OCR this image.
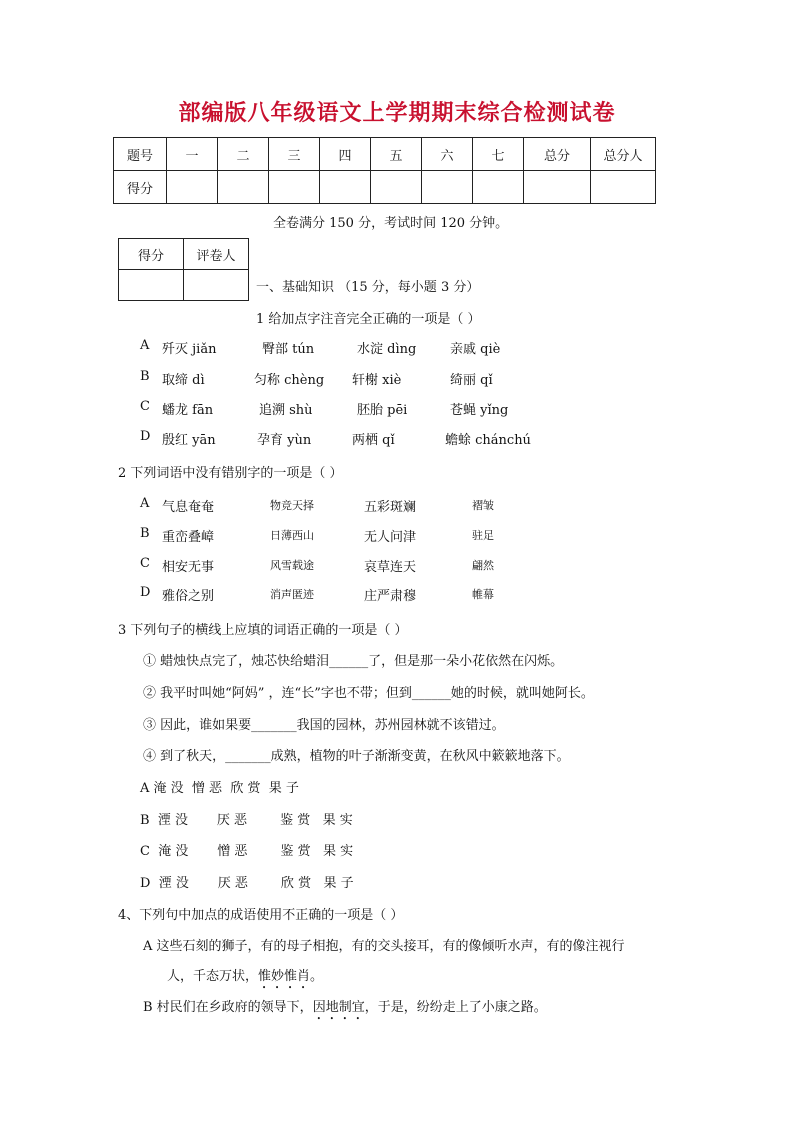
部编版八年级语文上学期期末综合检测试卷
题号	一	二	三	四	五	六	七	总分	总分人
得分									
全卷满分 150 分，考试时间 120 分钟。
得分	评卷人

一、基础知识 （15 分，每小题 3 分）
1 给加点字注音完全正确的一项是（ ）
A 歼灭 jiǎn	臀部 tún	水淀 dìng	亲戚 qiè
B 取缔 dì	匀称 chèng 轩榭 xiè	绮丽 qǐ
C 蟠龙 fān	追溯 shù	胚胎 pēi	苍蝇 yǐng
D 殷红 yān	孕育 yùn	两栖 qǐ	蟾蜍 chánchú
2 下列词语中没有错别字的一项是（ ）
A 气息奄奄	物竞天择	五彩斑斓	褶皱
B 重峦叠嶂	日薄西山	无人问津	驻足
C 相安无事	风雪载途	哀草连天	翩然
D 雅俗之别	消声匿迹	庄严肃穆	帷幕
3 下列句子的横线上应填的词语正确的一项是（ ）
① 蜡烛快点完了，烛芯快给蜡泪______了，但是那一朵小花依然在闪烁。
② 我平时叫她“阿妈” ，连“长”字也不带；但到______她的时候，就叫她阿长。
③ 因此，谁如果要_______我国的园林，苏州园林就不该错过。
④ 到了秋天，_______成熟，植物的叶子渐渐变黄，在秋风中簌簌地落下。
A 淹 没  憎 恶  欣 赏  果 子
B  湮 没       厌 恶        鉴 赏   果 实
C  淹 没       憎 恶        鉴 赏   果 实
D  湮 没       厌 恶        欣 赏   果 子
4、下列句中加点的成语使用不正确的一项是（ ）
A 这些石刻的狮子，有的母子相抱，有的交头接耳，有的像倾听水声，有的像注视行
人，千态万状，惟妙惟肖。
B 村民们在乡政府的领导下，因地制宜，于是，纷纷走上了小康之路。
